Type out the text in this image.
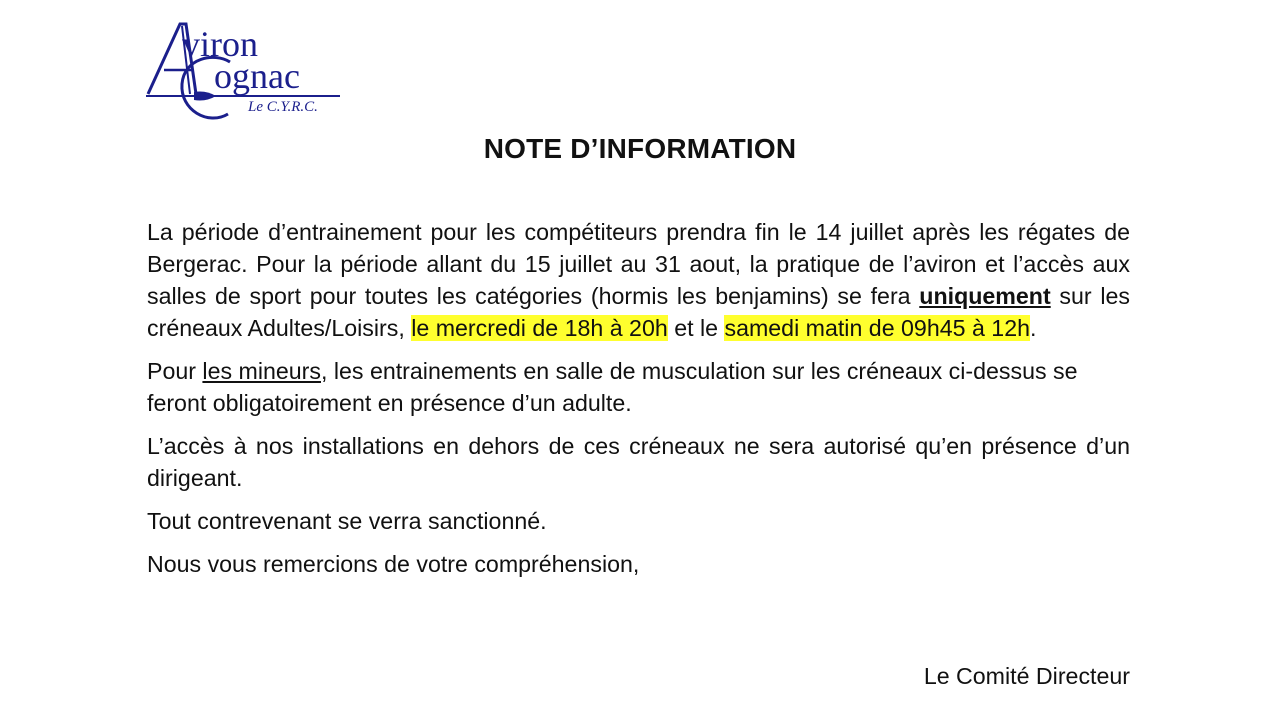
viron
ognac
Le C.Y.R.C.
NOTE D’INFORMATION

La période d’entrainement pour les compétiteurs prendra fin le 14 juillet après les régates de Bergerac. Pour la période allant du 15 juillet au 31 aout, la pratique de l’aviron et l’accès aux salles de sport pour toutes les catégories (hormis les benjamins) se fera uniquement sur les créneaux Adultes/Loisirs, le mercredi de 18h à 20h et le samedi matin de 09h45 à 12h.

Pour les mineurs, les entrainements en salle de musculation sur les créneaux ci-dessus se feront obligatoirement en présence d’un adulte.

L’accès à nos installations en dehors de ces créneaux ne sera autorisé qu’en présence d’un dirigeant.

Tout contrevenant se verra sanctionné.

Nous vous remercions de votre compréhension,

Le Comité Directeur
